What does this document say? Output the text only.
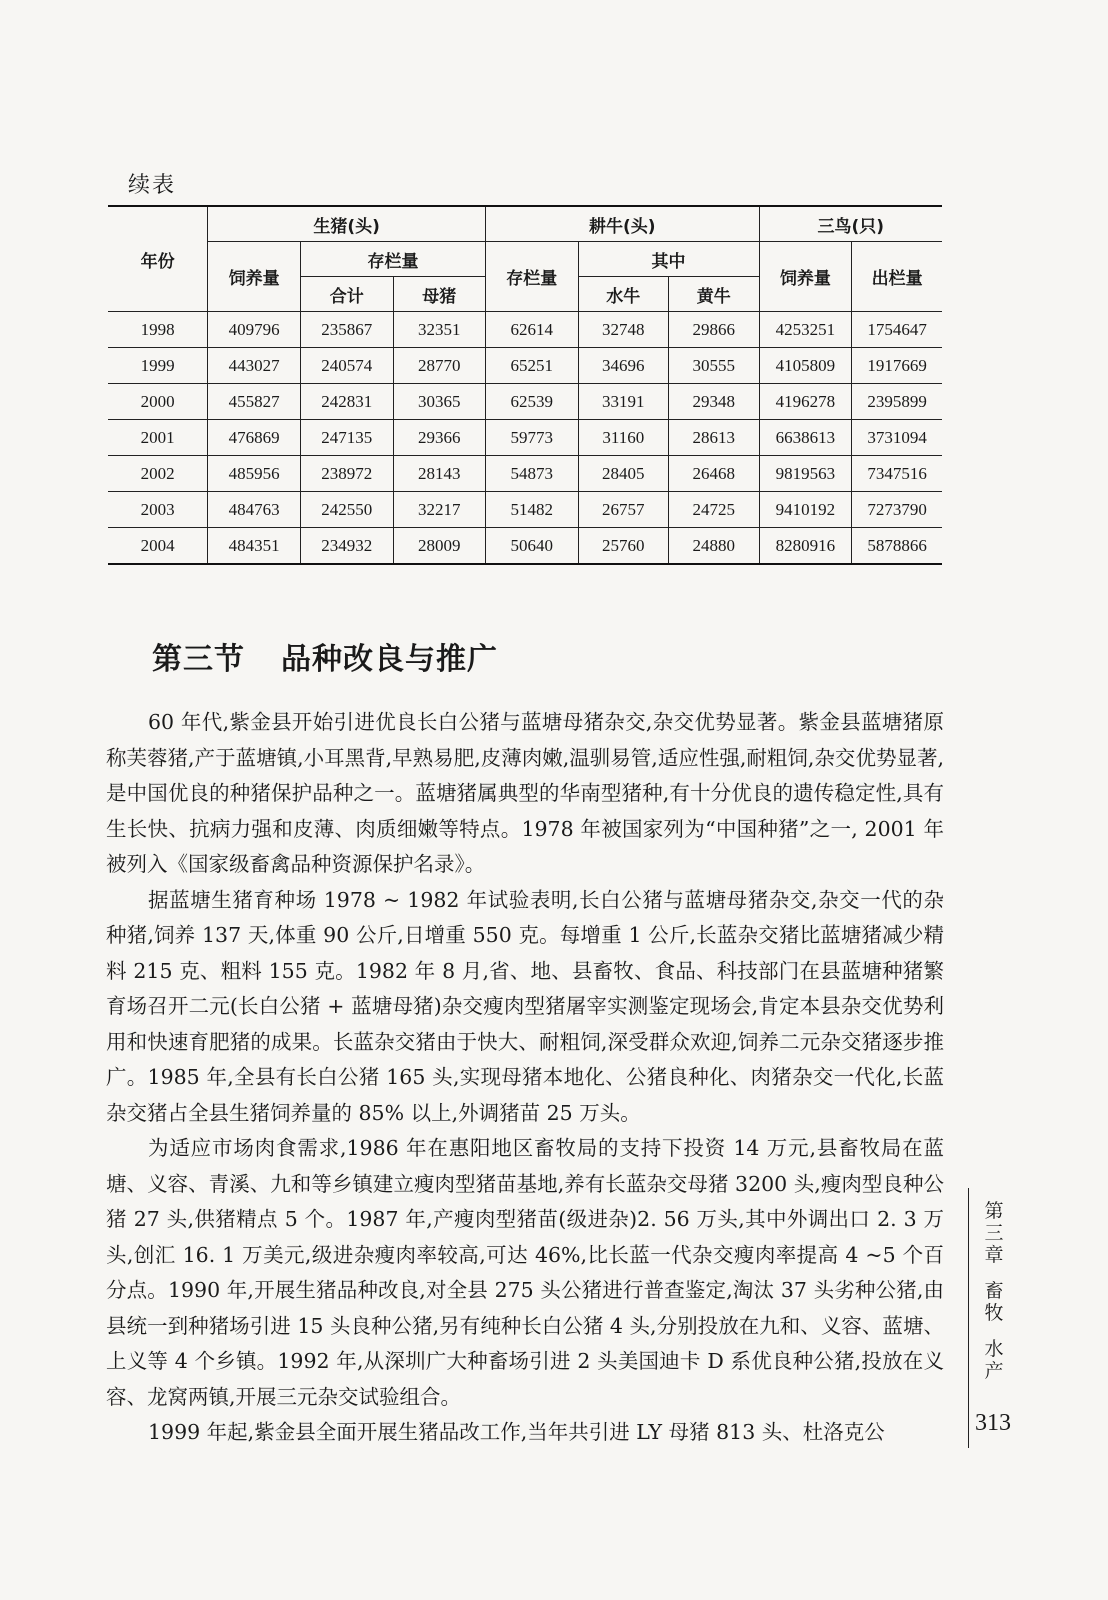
续表
年份	生猪(头)			耕牛(头)			三鸟(只)	
	饲养量	存栏量		存栏量	其中		饲养量	出栏量
		合计	母猪		水牛	黄牛		
1998	409796	235867	32351	62614	32748	29866	4253251	1754647
1999	443027	240574	28770	65251	34696	30555	4105809	1917669
2000	455827	242831	30365	62539	33191	29348	4196278	2395899
2001	476869	247135	29366	59773	31160	28613	6638613	3731094
2002	485956	238972	28143	54873	28405	26468	9819563	7347516
2003	484763	242550	32217	51482	26757	24725	9410192	7273790
2004	484351	234932	28009	50640	25760	24880	8280916	5878866
第三节 品种改良与推广

60 年代,紫金县开始引进优良长白公猪与蓝塘母猪杂交,杂交优势显著。紫金县蓝塘猪原称芙蓉猪,产于蓝塘镇,小耳黑背,早熟易肥,皮薄肉嫩,温驯易管,适应性强,耐粗饲,杂交优势显著,是中国优良的种猪保护品种之一。蓝塘猪属典型的华南型猪种,有十分优良的遗传稳定性,具有生长快、抗病力强和皮薄、肉质细嫩等特点。1978 年被国家列为“中国种猪”之一, 2001 年被列入《国家级畜禽品种资源保护名录》。

据蓝塘生猪育种场 1978 ~ 1982 年试验表明,长白公猪与蓝塘母猪杂交,杂交一代的杂种猪,饲养 137 天,体重 90 公斤,日增重 550 克。每增重 1 公斤,长蓝杂交猪比蓝塘猪减少精料 215 克、粗料 155 克。1982 年 8 月,省、地、县畜牧、食品、科技部门在县蓝塘种猪繁育场召开二元(长白公猪 + 蓝塘母猪)杂交瘦肉型猪屠宰实测鉴定现场会,肯定本县杂交优势利用和快速育肥猪的成果。长蓝杂交猪由于快大、耐粗饲,深受群众欢迎,饲养二元杂交猪逐步推广。1985 年,全县有长白公猪 165 头,实现母猪本地化、公猪良种化、肉猪杂交一代化,长蓝杂交猪占全县生猪饲养量的 85% 以上,外调猪苗 25 万头。

为适应市场肉食需求,1986 年在惠阳地区畜牧局的支持下投资 14 万元,县畜牧局在蓝塘、义容、青溪、九和等乡镇建立瘦肉型猪苗基地,养有长蓝杂交母猪 3200 头,瘦肉型良种公猪 27 头,供猪精点 5 个。1987 年,产瘦肉型猪苗(级进杂)2. 56 万头,其中外调出口 2. 3 万头,创汇 16. 1 万美元,级进杂瘦肉率较高,可达 46%,比长蓝一代杂交瘦肉率提高 4 ~5 个百分点。1990 年,开展生猪品种改良,对全县 275 头公猪进行普查鉴定,淘汰 37 头劣种公猪,由县统一到种猪场引进 15 头良种公猪,另有纯种长白公猪 4 头,分别投放在九和、义容、蓝塘、上义等 4 个乡镇。1992 年,从深圳广大种畜场引进 2 头美国迪卡 D 系优良种公猪,投放在义容、龙窝两镇,开展三元杂交试验组合。

1999 年起,紫金县全面开展生猪品改工作,当年共引进 LY 母猪 813 头、杜洛克公

第
三
章
畜
牧
水
产
313
